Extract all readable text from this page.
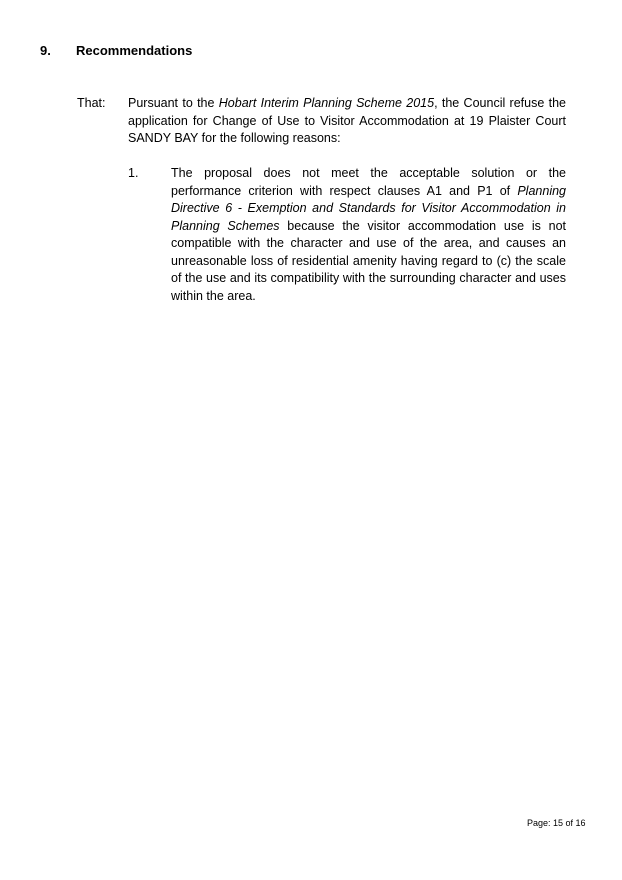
9. Recommendations
That: Pursuant to the Hobart Interim Planning Scheme 2015, the Council refuse the application for Change of Use to Visitor Accommodation at 19 Plaister Court SANDY BAY for the following reasons:
1.	The proposal does not meet the acceptable solution or the performance criterion with respect clauses A1 and P1 of Planning Directive 6 - Exemption and Standards for Visitor Accommodation in Planning Schemes because the visitor accommodation use is not compatible with the character and use of the area, and causes an unreasonable loss of residential amenity having regard to (c) the scale of the use and its compatibility with the surrounding character and uses within the area.
Page: 15 of 16
